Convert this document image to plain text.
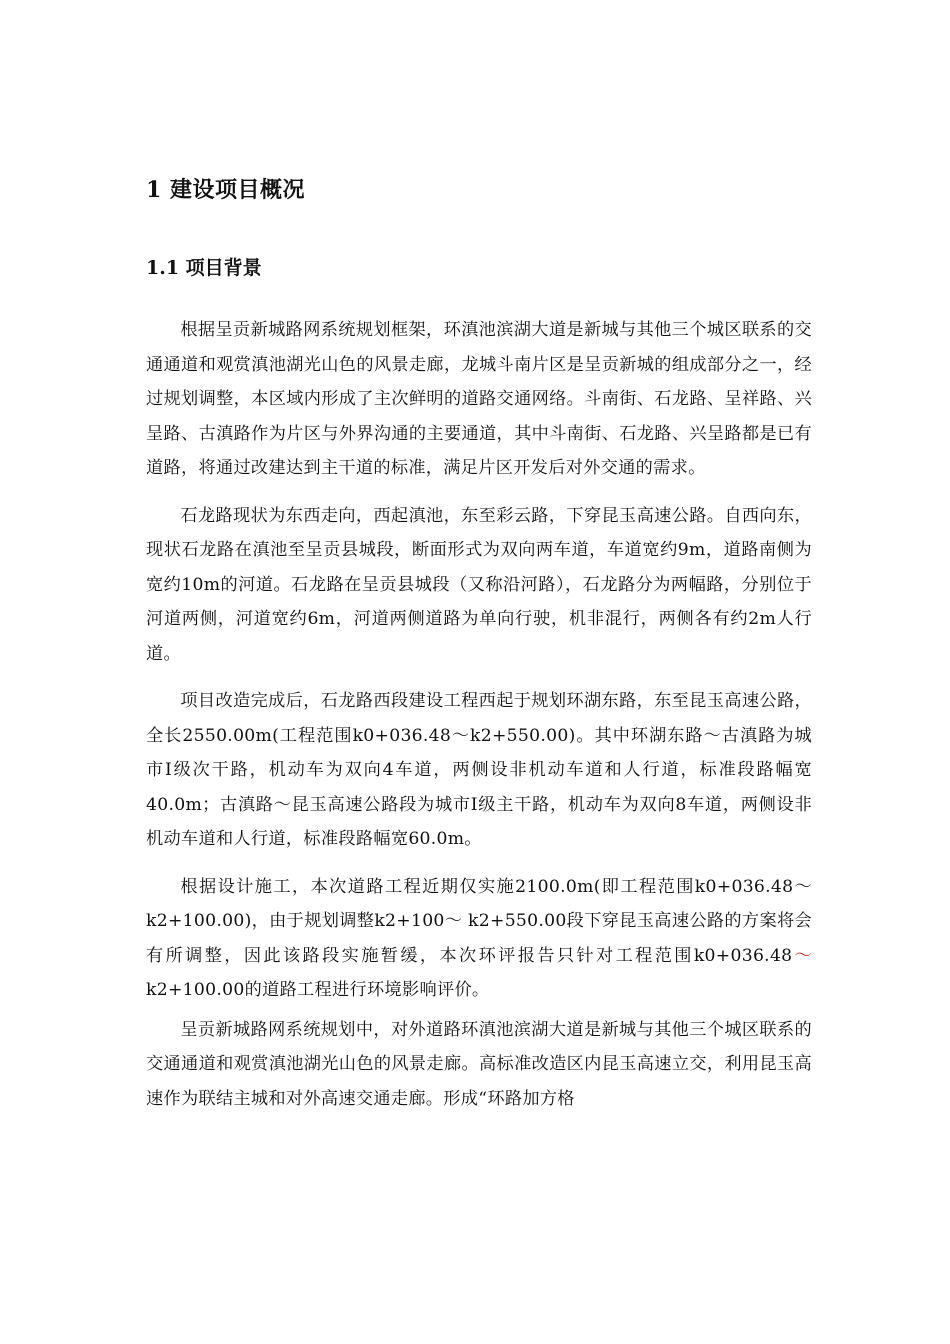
1 建设项目概况
1.1 项目背景

根据呈贡新城路网系统规划框架，环滇池滨湖大道是新城与其他三个城区联系的交通通道和观赏滇池湖光山色的风景走廊，龙城斗南片区是呈贡新城的组成部分之一，经过规划调整，本区域内形成了主次鲜明的道路交通网络。斗南街、石龙路、呈祥路、兴呈路、古滇路作为片区与外界沟通的主要通道，其中斗南街、石龙路、兴呈路都是已有道路，将通过改建达到主干道的标准，满足片区开发后对外交通的需求。

石龙路现状为东西走向，西起滇池，东至彩云路，下穿昆玉高速公路。自西向东，现状石龙路在滇池至呈贡县城段，断面形式为双向两车道，车道宽约9m，道路南侧为宽约10m的河道。石龙路在呈贡县城段（又称沿河路），石龙路分为两幅路，分别位于河道两侧，河道宽约6m，河道两侧道路为单向行驶，机非混行，两侧各有约2m人行道。

项目改造完成后，石龙路西段建设工程西起于规划环湖东路，东至昆玉高速公路，全长2550.00m(工程范围k0+036.48～k2+550.00)。其中环湖东路～古滇路为城市Ⅰ级次干路，机动车为双向4车道，两侧设非机动车道和人行道，标准段路幅宽40.0m；古滇路～昆玉高速公路段为城市Ⅰ级主干路，机动车为双向8车道，两侧设非机动车道和人行道，标准段路幅宽60.0m。

根据设计施工，本次道路工程近期仅实施2100.0m(即工程范围k0+036.48～k2+100.00)，由于规划调整k2+100～ k2+550.00段下穿昆玉高速公路的方案将会有所调整，因此该路段实施暂缓，本次环评报告只针对工程范围k0+036.48～k2+100.00的道路工程进行环境影响评价。

呈贡新城路网系统规划中，对外道路环滇池滨湖大道是新城与其他三个城区联系的交通通道和观赏滇池湖光山色的风景走廊。高标准改造区内昆玉高速立交，利用昆玉高速作为联结主城和对外高速交通走廊。形成“环路加方格
